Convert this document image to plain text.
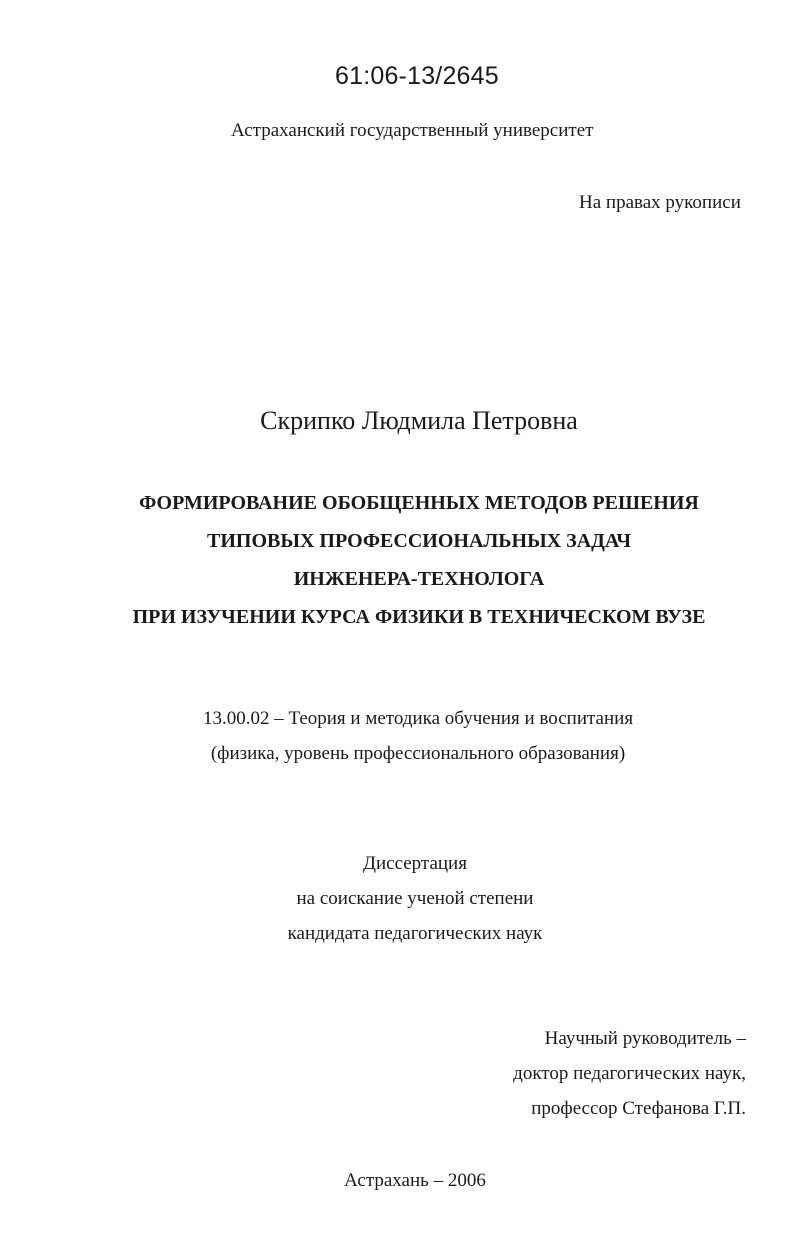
61:06-13/2645
Астраханский государственный университет
На правах рукописи
Скрипко Людмила Петровна
ФОРМИРОВАНИЕ ОБОБЩЕННЫХ МЕТОДОВ РЕШЕНИЯ
ТИПОВЫХ ПРОФЕССИОНАЛЬНЫХ ЗАДАЧ
ИНЖЕНЕРА-ТЕХНОЛОГА
ПРИ ИЗУЧЕНИИ КУРСА ФИЗИКИ В ТЕХНИЧЕСКОМ ВУЗЕ
13.00.02 – Теория и методика обучения и воспитания
(физика, уровень профессионального образования)
Диссертация
на соискание ученой степени
кандидата педагогических наук
Научный руководитель –
доктор педагогических наук,
профессор Стефанова Г.П.
Астрахань – 2006
